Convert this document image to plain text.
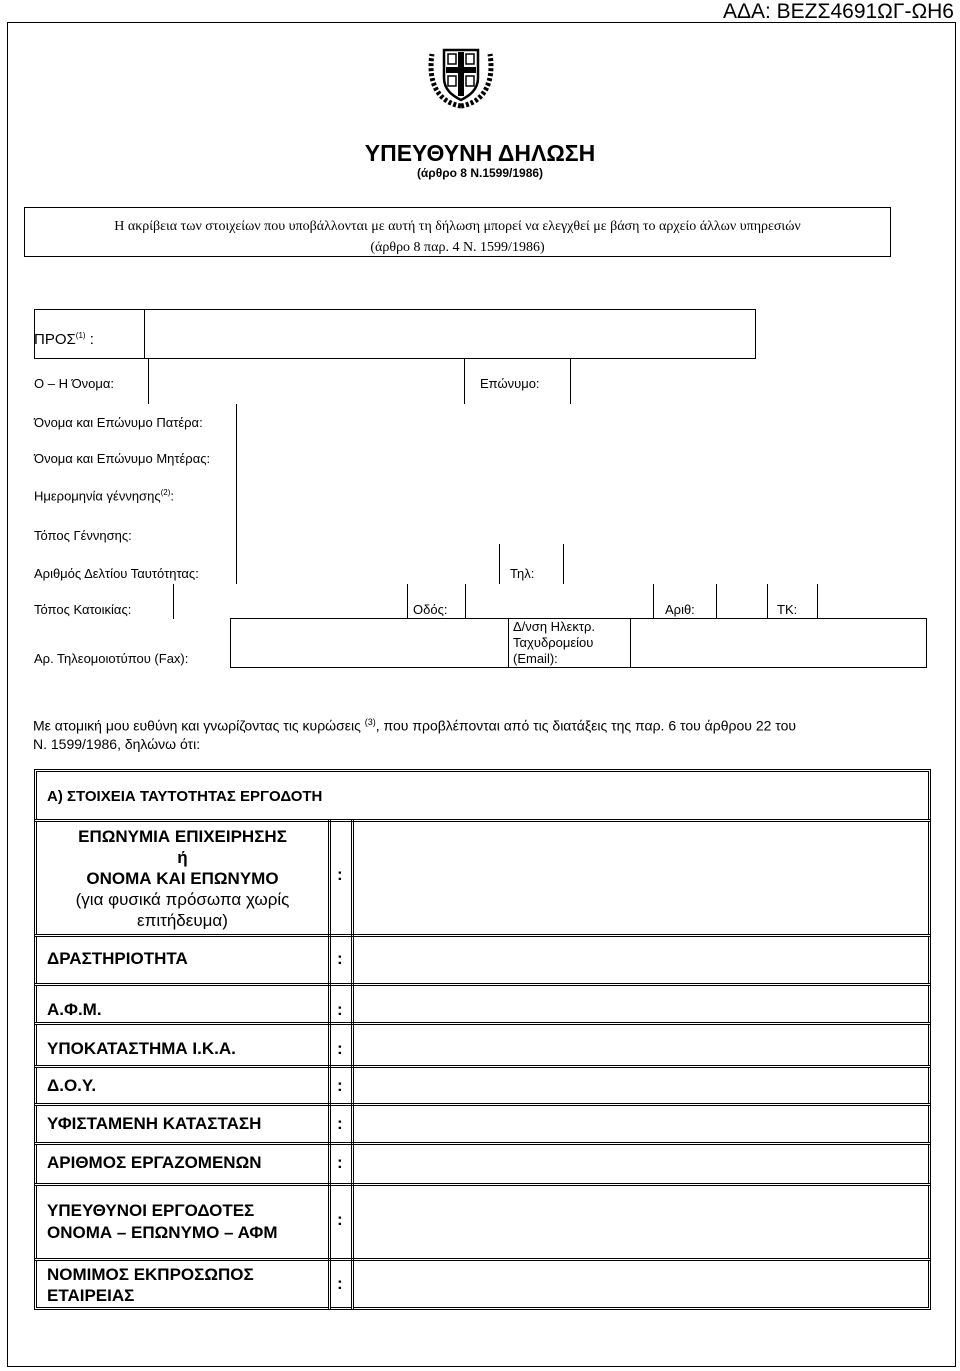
ΑΔΑ: ΒΕΖΣ4691ΩΓ-ΩΗ6
ΥΠΕΥΘΥΝΗ ΔΗΛΩΣΗ
(άρθρο 8 Ν.1599/1986)
Η ακρίβεια των στοιχείων που υποβάλλονται με αυτή τη δήλωση μπορεί να ελεγχθεί με βάση το αρχείο άλλων υπηρεσιών
(άρθρο 8 παρ. 4 Ν. 1599/1986)
ΠΡΟΣ$^{(1)}$ :
Ο – Η Όνομα:	Επώνυμο:
Όνομα και Επώνυμο Πατέρα:
Όνομα και Επώνυμο Μητέρας:
Ημερομηνία γέννησης$^{(2)}$:
Τόπος Γέννησης:
Αριθμός Δελτίου Ταυτότητας:	Τηλ:
Τόπος Κατοικίας:	Οδός:	Αριθ:	ΤΚ:
Αρ. Τηλεομοιοτύπου (Fax):
Δ/νση Ηλεκτρ.
Ταχυδρομείου
(Εmail):
Με ατομική μου ευθύνη και γνωρίζοντας τις κυρώσεις $^{(3)}$, που προβλέπονται από τις διατάξεις της παρ. 6 του άρθρου 22 του
Ν. 1599/1986, δηλώνω ότι:
Α) ΣΤΟΙΧΕΙΑ ΤΑΥΤΟΤΗΤΑΣ ΕΡΓΟΔΟΤΗ
ΕΠΩΝΥΜΙΑ ΕΠΙΧΕΙΡΗΣΗΣ
ή
ΟΝΟΜΑ ΚΑΙ ΕΠΩΝΥΜΟ
(για φυσικά πρόσωπα χωρίς
επιτήδευμα)
:
ΔΡΑΣΤΗΡΙΟΤΗΤΑ	:
Α.Φ.Μ.	:
ΥΠΟΚΑΤΑΣΤΗΜΑ Ι.Κ.Α.	:
Δ.Ο.Υ.	:
ΥΦΙΣΤΑΜΕΝΗ ΚΑΤΑΣΤΑΣΗ	:
ΑΡΙΘΜΟΣ ΕΡΓΑΖΟΜΕΝΩΝ	:
ΥΠΕΥΘΥΝΟΙ ΕΡΓΟΔΟΤΕΣ
ΟΝΟΜΑ – ΕΠΩΝΥΜΟ – ΑΦΜ
:
ΝΟΜΙΜΟΣ ΕΚΠΡΟΣΩΠΟΣ
ΕΤΑΙΡΕΙΑΣ
:
